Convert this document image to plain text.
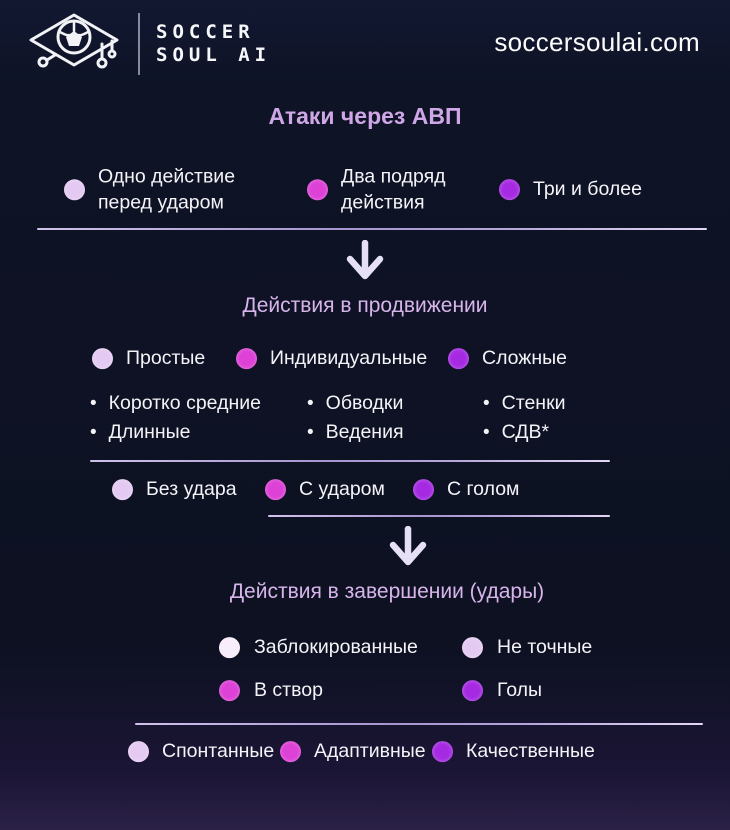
SOCCER
SOUL AI	soccersoulai.com
Атаки через АВП
Одно действие перед ударом
Два подряд действия
Три и более
Действия в продвижении
Простые	Индивидуальные	Сложные
• Коротко средние
• Длинные
• Обводки
• Ведения
• Стенки
• СДВ*
Без удара	С ударом	С голом
Действия в завершении (удары)
Заблокированные	Не точные
В створ	Голы
Спонтанные Адаптивные Качественные
